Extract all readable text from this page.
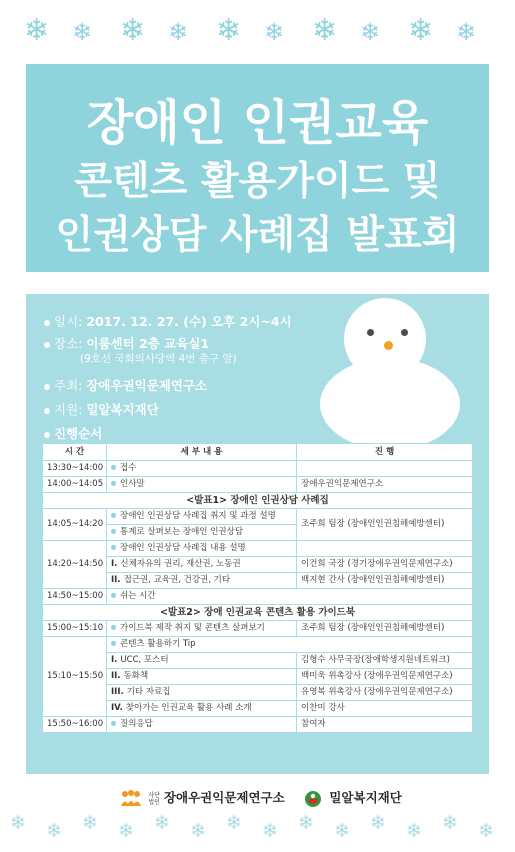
❄ ❄ ❄ ❄ ❄ ❄ ❄ ❄ ❄ ❄
장애인 인권교육
콘텐츠 활용가이드 및
인권상담 사례집 발표회
일시: 2017. 12. 27. (수) 오후 2시~4시
장소: 이룸센터 2층 교육실1
(9호선 국회의사당역 4번 출구 앞)
주최: 장애우권익문제연구소
지원: 밀알복지재단
진행순서
시 간	세 부 내 용	진 행
13:30~14:00	접수	
14:00~14:05	인사말	장애우권익문제연구소
<발표1> 장애인 인권상담 사례집		
14:05~14:20	장애인 인권상담 사례집 취지 및 과정 설명	조주희 팀장 (장애인인권침해예방센터)
	통계로 살펴보는 장애인 인권상담	
14:20~14:50	장애인 인권상담 사례집 내용 설명	
	I. 신체자유의 권리, 재산권, 노동권	이건희 국장 (경기장애우권익문제연구소)
	II. 접근권, 교육권, 건강권, 기타	백지현 간사 (장애인인권침해예방센터)
14:50~15:00	쉬는 시간	
<발표2> 장애 인권교육 콘텐츠 활용 가이드북		
15:00~15:10	가이드북 제작 취지 및 콘텐츠 살펴보기	조주희 팀장 (장애인인권침해예방센터)
15:10~15:50	콘텐츠 활용하기 Tip	
	I. UCC, 포스터	김형수 사무국장(장애학생지원네트워크)
	II. 동화책	백미욱 위촉강사 (장애우권익문제연구소)
	III. 기타 자료집	유영복 위촉강사 (장애우권익문제연구소)
	IV. 찾아가는 인권교육 활용 사례 소개	이찬미 강사
15:50~16:00	질의응답	참여자
사단
법인 장애우권익문제연구소	밀알복지재단
❄ ❄ ❄ ❄ ❄ ❄ ❄ ❄ ❄ ❄ ❄ ❄ ❄ ❄
